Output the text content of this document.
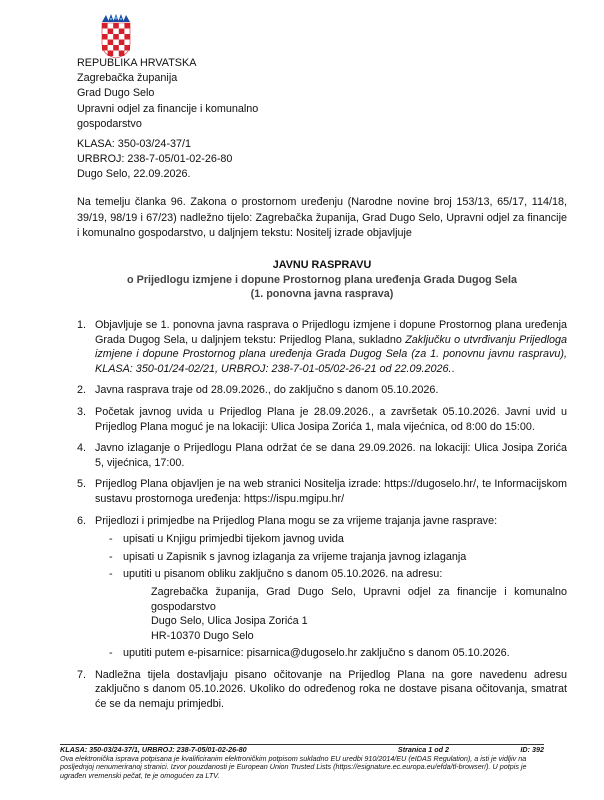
REPUBLIKA HRVATSKA
Zagrebačka županija
Grad Dugo Selo
Upravni odjel za financije i komunalno
gospodarstvo
KLASA: 350-03/24-37/1
URBROJ: 238-7-05/01-02-26-80
Dugo Selo, 22.09.2026.
Na temelju članka 96. Zakona o prostornom uređenju (Narodne novine broj 153/13, 65/17, 114/18, 39/19, 98/19 i 67/23) nadležno tijelo: Zagrebačka županija, Grad Dugo Selo, Upravni odjel za financije i komunalno gospodarstvo, u daljnjem tekstu: Nositelj izrade objavljuje
JAVNU RASPRAVU
o Prijedlogu izmjene i dopune Prostornog plana uređenja Grada Dugog Sela
(1. ponovna javna rasprava)
1. Objavljuje se 1. ponovna javna rasprava o Prijedlogu izmjene i dopune Prostornog plana uređenja Grada Dugog Sela, u daljnjem tekstu: Prijedlog Plana, sukladno Zaključku o utvrđivanju Prijedloga izmjene i dopune Prostornog plana uređenja Grada Dugog Sela (za 1. ponovnu javnu raspravu), KLASA: 350-01/24-02/21, URBROJ: 238-7-01-05/02-26-21 od 22.09.2026..
2. Javna rasprava traje od 28.09.2026., do zaključno s danom 05.10.2026.
3. Početak javnog uvida u Prijedlog Plana je 28.09.2026., a završetak 05.10.2026. Javni uvid u Prijedlog Plana moguć je na lokaciji: Ulica Josipa Zorića 1, mala vijećnica, od 8:00 do 15:00.
4. Javno izlaganje o Prijedlogu Plana održat će se dana 29.09.2026. na lokaciji: Ulica Josipa Zorića 5, vijećnica, 17:00.
5. Prijedlog Plana objavljen je na web stranici Nositelja izrade: https://dugoselo.hr/, te Informacijskom sustavu prostornoga uređenja: https://ispu.mgipu.hr/
6. Prijedlozi i primjedbe na Prijedlog Plana mogu se za vrijeme trajanja javne rasprave:
- upisati u Knjigu primjedbi tijekom javnog uvida
- upisati u Zapisnik s javnog izlaganja za vrijeme trajanja javnog izlaganja
- uputiti u pisanom obliku zaključno s danom 05.10.2026. na adresu:
Zagrebačka županija, Grad Dugo Selo, Upravni odjel za financije i komunalno gospodarstvo
Dugo Selo, Ulica Josipa Zorića 1
HR-10370 Dugo Selo
- uputiti putem e-pisarnice: pisarnica@dugoselo.hr zaključno s danom 05.10.2026.
7. Nadležna tijela dostavljaju pisano očitovanje na Prijedlog Plana na gore navedenu adresu zaključno s danom 05.10.2026. Ukoliko do određenog roka ne dostave pisana očitovanja, smatrat će se da nemaju primjedbi.
KLASA: 350-03/24-37/1, URBROJ: 238-7-05/01-02-26-80	Stranica 1 od 2	ID: 392
Ova elektronička isprava potpisana je kvalificiranim elektroničkim potpisom sukladno EU uredbi 910/2014/EU (eIDAS Regulation), a isti je vidljiv na posljednjoj nenumeriranoj stranici. Izvor pouzdanosti je European Union Trusted Lists (https://esignature.ec.europa.eu/efda/tl-browser/). U potpis je ugrađen vremenski pečat, te je omogućen za LTV.
